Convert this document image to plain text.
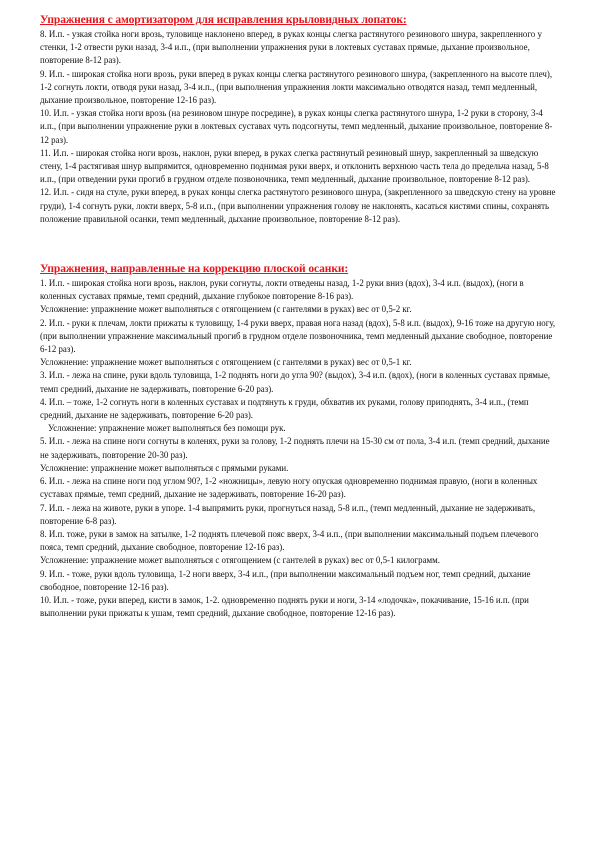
Упражнения с амортизатором для исправления крыловидных лопаток:

8. И.п. - узкая стойка ноги врозь, туловище наклонено вперед, в руках концы слегка растянутого резинового шнура, закрепленного у стенки, 1-2 отвести руки назад, 3-4 и.п., (при выполнении упражнения руки в локтевых суставах прямые, дыхание произвольное, повторение 8-12 раз).

9. И.п. - широкая стойка ноги врозь, руки вперед в руках концы слегка растянутого резинового шнура, (закрепленного на высоте плеч), 1-2 согнуть локти, отводя руки назад, 3-4 и.п., (при выполнения упражнения локти максимально отводятся назад, темп медленный, дыхание произвольное, повторение 12-16 раз).

10. И.п. - узкая стойка ноги врозь (на резиновом шнуре посредине), в руках концы слегка растянутого шнура, 1-2 руки в сторону, 3-4 и.п., (при выполнении упражнение руки в локтевых суставах чуть подсогнуты, темп медленный, дыхание произвольное, повторение 8-12 раз).

11. И.п. - широкая стойка ноги врозь, наклон, руки вперед, в руках слегка растянутый резиновый шнур, закрепленный за шведскую стену, 1-4 растягивая шнур выпрямится, одновременно поднимая руки вверх, и отклонить верхнюю часть тела до предельча назад, 5-8 и.п., (при отведении руки прогиб в грудном отделе позвоночника, темп медленный, дыхание произвольное, повторение 8-12 раз).

12. И.п. - сидя на стуле, руки вперед, в руках концы слегка растянутого резинового шнура, (закрепленного за шведскую стену на уровне груди), 1-4 согнуть руки, локти вверх, 5-8 и.п., (при выполнении упражнения голову не наклонять, касаться кистями спины, сохранять положение правильной осанки, темп медленный, дыхание произвольное, повторение 8-12 раз).

Упражнения, направленные на коррекцию плоской осанки:

1. И.п. - широкая стойка ноги врозь, наклон, руки согнуты, локти отведены назад, 1-2 руки вниз (вдох), 3-4 и.п. (выдох), (ноги в коленных суставах прямые, темп средний, дыхание глубокое повторение 8-16 раз).

Усложнение: упражнение может выполняться с отягощением (с гантелями в руках) вес от 0,5-2 кг.

2. И.п. - руки к плечам, локти прижаты к туловищу, 1-4 руки вверх, правая нога назад (вдох), 5-8 и.п. (выдох), 9-16 тоже на другую ногу, (при выполнении упражнение максимальный прогиб в грудном отделе позвоночника, темп медленный дыхание свободное, повторение 6-12 раз).

Усложнение: упражнение может выполняться с отягощением (с гантелями в руках) вес от 0,5-1 кг.

3. И.п. - лежа на спине, руки вдоль туловища, 1-2 поднять ноги до угла 90? (выдох), 3-4 и.п. (вдох), (ноги в коленных суставах прямые, темп средний, дыхание не задерживать, повторение 6-20 раз).

4. И.п. – тоже, 1-2 согнуть ноги в коленных суставах и подтянуть к груди, обхватив их руками, голову приподнять, 3-4 и.п., (темп средний, дыхание не задерживать, повторение 6-20 раз).

Усложнение: упражнение может выполняться без помощи рук.

5. И.п. - лежа на спине ноги согнуты в коленях, руки за голову, 1-2 поднять плечи на 15-30 см от пола, 3-4 и.п. (темп средний, дыхание не задерживать, повторение 20-30 раз).

Усложнение: упражнение может выполняться с прямыми руками.

6. И.п. - лежа на спине ноги под углом 90?, 1-2 «ножницы», левую ногу опуская одновременно поднимая правую, (ноги в коленных суставах прямые, темп средний, дыхание не задерживать, повторение 16-20 раз).

7. И.п. - лежа на животе, руки в упоре. 1-4 выпрямить руки, прогнуться назад, 5-8 и.п., (темп медленный, дыхание не задерживать, повторение 6-8 раз).

8. И.п. тоже, руки в замок на затылке, 1-2 поднять плечевой пояс вверх, 3-4 и.п., (при выполнении максимальный подъем плечевого пояса, темп средний, дыхание свободное, повторение 12-16 раз).

Усложнение: упражнение может выполняться с отягощением (с гантелей в руках) вес от 0,5-1 килограмм.

9. И.п. - тоже, руки вдоль туловища, 1-2 ноги вверх, 3-4 и.п., (при выполнении максимальный подъем ног, темп средний, дыхание свободное, повторение 12-16 раз).

10. И.п. - тоже, руки вперед, кисти в замок, 1-2. одновременно поднять руки и ноги, 3-14 «лодочка», покачивание, 15-16 и.п. (при выполнении руки прижаты к ушам, темп средний, дыхание свободное, повторение 12-16 раз).
